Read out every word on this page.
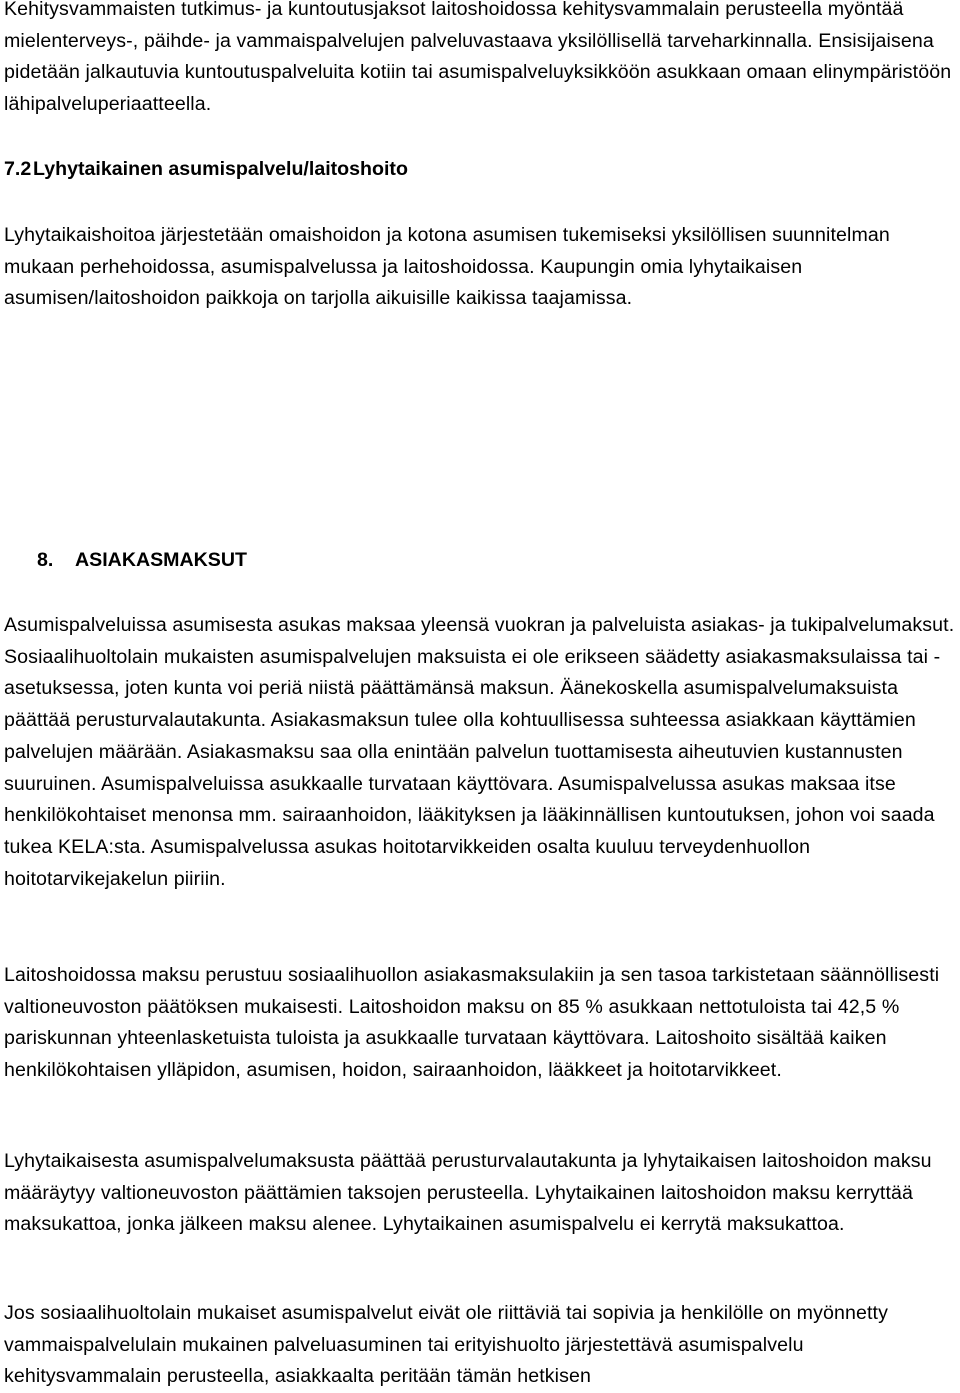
Kehitysvammaisten tutkimus- ja kuntoutusjaksot laitoshoidossa kehitysvammalain perusteella myöntää mielenterveys-, päihde- ja vammaispalvelujen palveluvastaava yksilöllisellä tarveharkinnalla. Ensisijaisena pidetään jalkautuvia kuntoutuspalveluita kotiin tai asumispalveluyksikköön asukkaan omaan elinympäristöön lähipalveluperiaatteella.

7.2Lyhytaikainen asumispalvelu/laitoshoito

Lyhytaikaishoitoa järjestetään omaishoidon ja kotona asumisen tukemiseksi yksilöllisen suunnitelman mukaan perhehoidossa, asumispalvelussa ja laitoshoidossa. Kaupungin omia lyhytaikaisen asumisen/laitoshoidon paikkoja on tarjolla aikuisille kaikissa taajamissa.

8. ASIAKASMAKSUT

Asumispalveluissa asumisesta asukas maksaa yleensä vuokran ja palveluista asiakas- ja tukipalvelumaksut. Sosiaalihuoltolain mukaisten asumispalvelujen maksuista ei ole erikseen säädetty asiakasmaksulaissa tai -asetuksessa, joten kunta voi periä niistä päättämänsä maksun. Äänekoskella asumispalvelumaksuista päättää perusturvalautakunta. Asiakasmaksun tulee olla kohtuullisessa suhteessa asiakkaan käyttämien palvelujen määrään. Asiakasmaksu saa olla enintään palvelun tuottamisesta aiheutuvien kustannusten suuruinen. Asumispalveluissa asukkaalle turvataan käyttövara. Asumispalvelussa asukas maksaa itse henkilökohtaiset menonsa mm. sairaanhoidon, lääkityksen ja lääkinnällisen kuntoutuksen, johon voi saada tukea KELA:sta. Asumispalvelussa asukas hoitotarvikkeiden osalta kuuluu terveydenhuollon hoitotarvikejakelun piiriin.

Laitoshoidossa maksu perustuu sosiaalihuollon asiakasmaksulakiin ja sen tasoa tarkistetaan säännöllisesti valtioneuvoston päätöksen mukaisesti. Laitoshoidon maksu on 85 % asukkaan nettotuloista tai 42,5 % pariskunnan yhteenlasketuista tuloista ja asukkaalle turvataan käyttövara. Laitoshoito sisältää kaiken henkilökohtaisen ylläpidon, asumisen, hoidon, sairaanhoidon, lääkkeet ja hoitotarvikkeet.

Lyhytaikaisesta asumispalvelumaksusta päättää perusturvalautakunta ja lyhytaikaisen laitoshoidon maksu määräytyy valtioneuvoston päättämien taksojen perusteella. Lyhytaikainen laitoshoidon maksu kerryttää maksukattoa, jonka jälkeen maksu alenee. Lyhytaikainen asumispalvelu ei kerrytä maksukattoa.

Jos sosiaalihuoltolain mukaiset asumispalvelut eivät ole riittäviä tai sopivia ja henkilölle on myönnetty vammaispalvelulain mukainen palveluasuminen tai erityishuolto järjestettävä asumispalvelu kehitysvammalain perusteella, asiakkaalta peritään tämän hetkisen
